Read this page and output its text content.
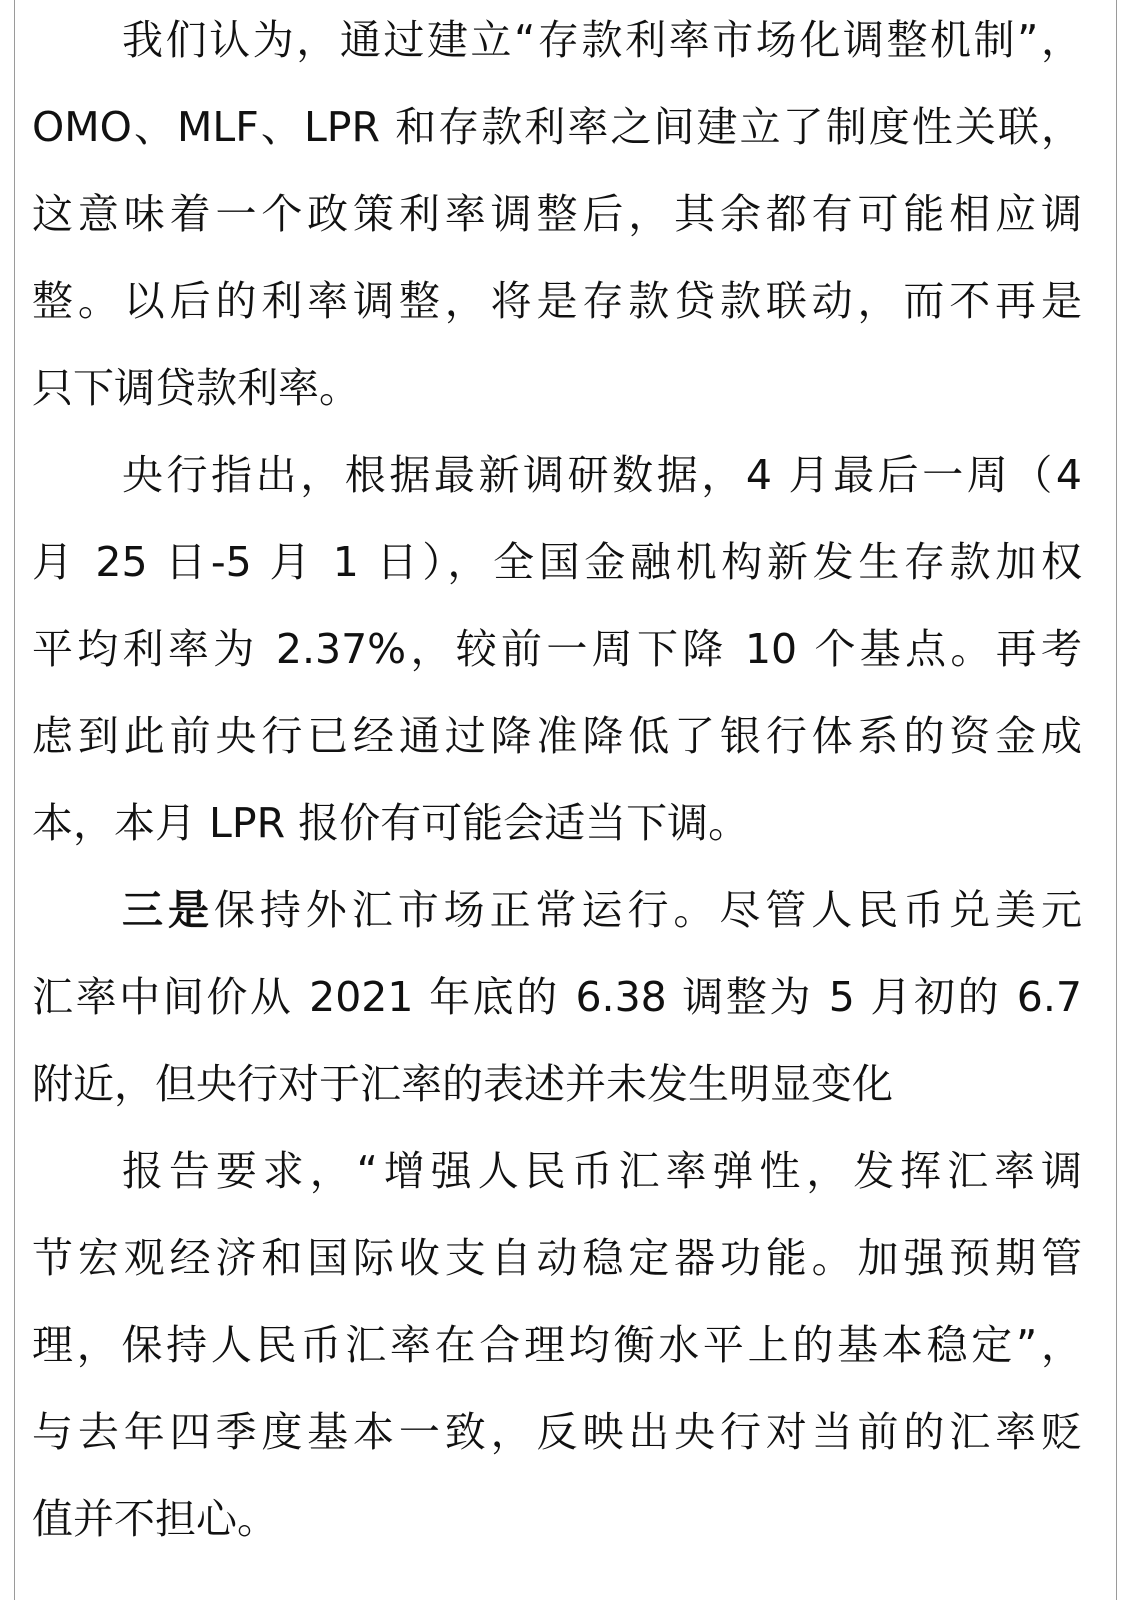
我们认为，通过建立“存款利率市场化调整机制”，
OMO、MLF、LPR 和存款利率之间建立了制度性关联，
这意味着一个政策利率调整后，其余都有可能相应调
整。以后的利率调整，将是存款贷款联动，而不再是
只下调贷款利率。
央行指出，根据最新调研数据，4 月最后一周（4
月 25 日-5 月 1 日），全国金融机构新发生存款加权
平均利率为 2.37%，较前一周下降 10 个基点。再考
虑到此前央行已经通过降准降低了银行体系的资金成
本，本月 LPR 报价有可能会适当下调。
三是保持外汇市场正常运行。尽管人民币兑美元
汇率中间价从 2021 年底的 6.38 调整为 5 月初的 6.7
附近，但央行对于汇率的表述并未发生明显变化
报告要求，“增强人民币汇率弹性，发挥汇率调
节宏观经济和国际收支自动稳定器功能。加强预期管
理，保持人民币汇率在合理均衡水平上的基本稳定”，
与去年四季度基本一致，反映出央行对当前的汇率贬
值并不担心。
